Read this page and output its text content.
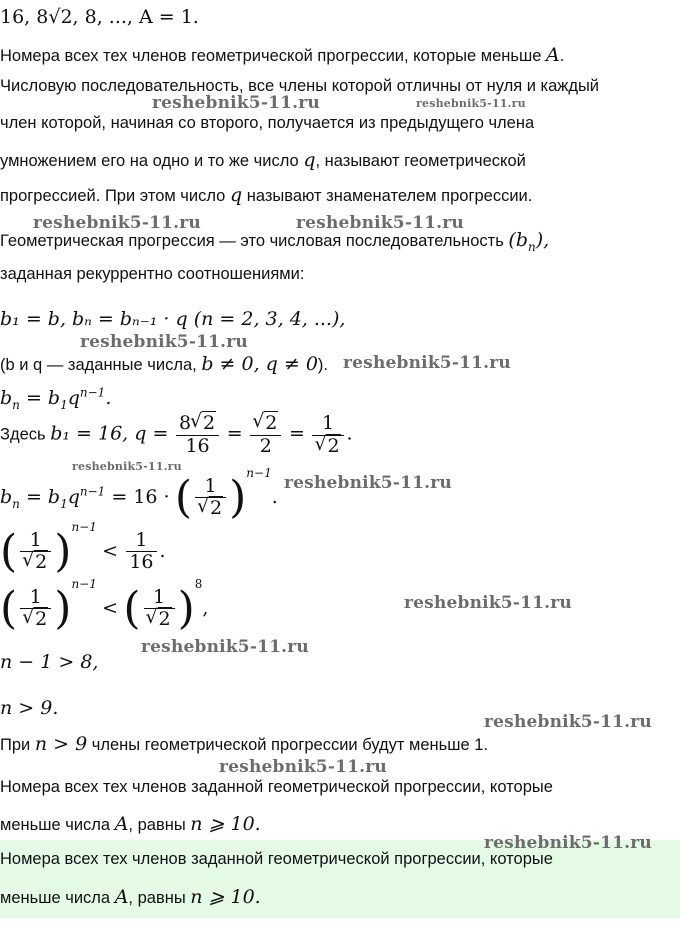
16, 8√2, 8, ..., A = 1.
Номера всех тех членов геометрической прогрессии, которые меньше A.
Числовую последовательность, все члены которой отличны от нуля и каждый
член которой, начиная со второго, получается из предыдущего члена
умножением его на одно и то же число q, называют геометрической
прогрессией. При этом число q называют знаменателем прогрессии.
Геометрическая прогрессия — это числовая последовательность $(b_n)$,
заданная рекуррентно соотношениями:
b₁ = b, bₙ = bₙ₋₁ · q (n = 2, 3, 4, ...),
(b и q — заданные числа, b ≠ 0, q ≠ 0).
$b_n = b_1q^{n-1}$.
Здесь b₁ = 16, $q = \frac{8 √ 2}{16}$ = √ $\frac{2}{2} = 1$
√ 2 .
$b_n = b_1q^{n-1} = 16$ · ( 1
√ 2 )$^{n-1}$.
( 1
√ 2 )$^{n-1} < \frac{1}{16}$ .
( 1
√ 2 )$^{n-1}$ < ( 1
√ 2 )$^8$,
n − 1 > 8,
n > 9.
При n > 9 члены геометрической прогрессии будут меньше 1.
Номера всех тех членов заданной геометрической прогрессии, которые
меньше числа A, равны n ⩾ 10.
Номера всех тех членов заданной геометрической прогрессии, которые
меньше числа A, равны n ⩾ 10.
reshebnik5-11.ru	reshebnik5-11.ru
reshebnik5-11.ru	reshebnik5-11.ru
reshebnik5-11.ru
reshebnik5-11.ru
reshebnik5-11.ru
reshebnik5-11.ru
reshebnik5-11.ru
reshebnik5-11.ru
reshebnik5-11.ru
reshebnik5-11.ru
reshebnik5-11.ru
